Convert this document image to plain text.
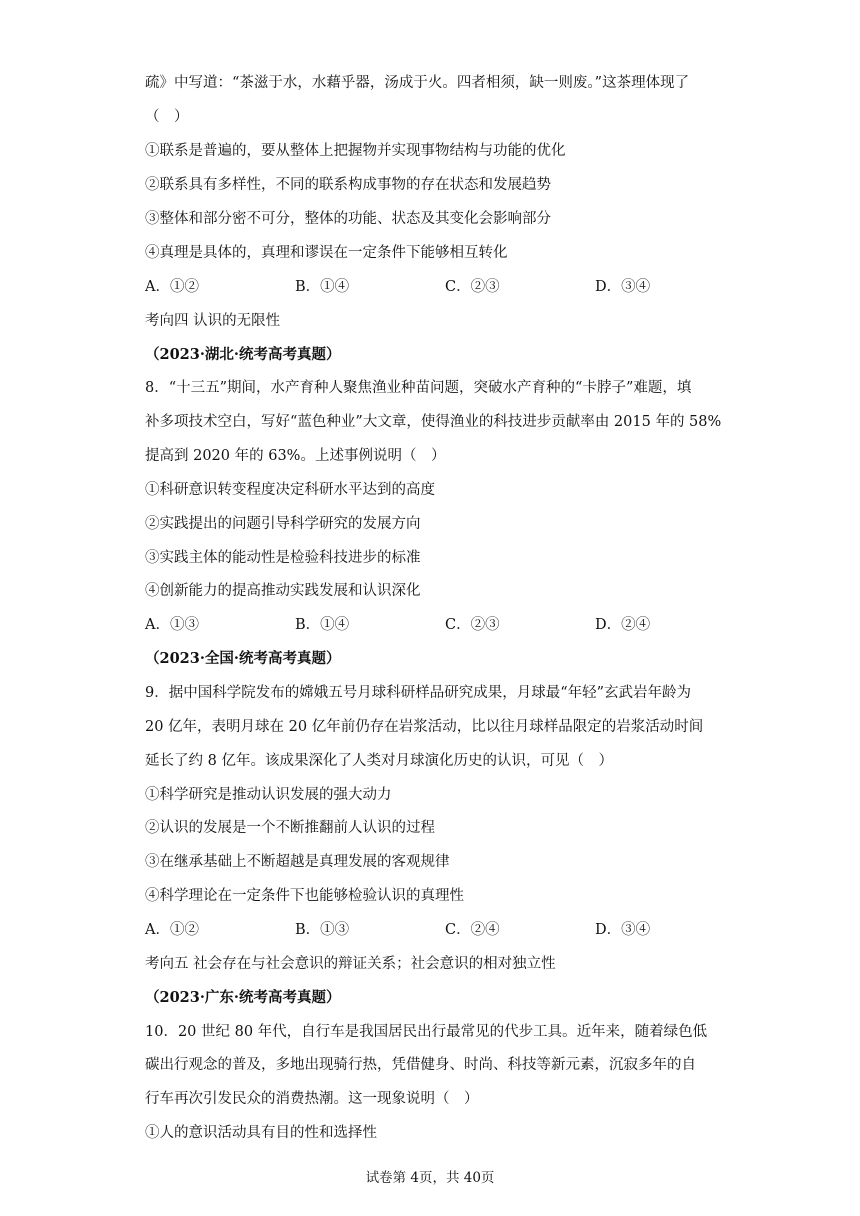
疏》中写道：“茶滋于水，水藉乎器，汤成于火。四者相须，缺一则废。”这茶理体现了
（　）
①联系是普遍的，要从整体上把握物并实现事物结构与功能的优化
②联系具有多样性，不同的联系构成事物的存在状态和发展趋势
③整体和部分密不可分，整体的功能、状态及其变化会影响部分
④真理是具体的，真理和谬误在一定条件下能够相互转化
考向四 认识的无限性
（2023·湖北·统考高考真题）
8．“十三五”期间，水产育种人聚焦渔业种苗问题，突破水产育种的“卡脖子”难题，填
补多项技术空白，写好“蓝色种业”大文章，使得渔业的科技进步贡献率由 2015 年的 58%
提高到 2020 年的 63%。上述事例说明（　）
①科研意识转变程度决定科研水平达到的高度
②实践提出的问题引导科学研究的发展方向
③实践主体的能动性是检验科技进步的标准
④创新能力的提高推动实践发展和认识深化
（2023·全国·统考高考真题）
9．据中国科学院发布的嫦娥五号月球科研样品研究成果，月球最“年轻”玄武岩年龄为
20 亿年，表明月球在 20 亿年前仍存在岩浆活动，比以往月球样品限定的岩浆活动时间
延长了约 8 亿年。该成果深化了人类对月球演化历史的认识，可见（　）
①科学研究是推动认识发展的强大动力
②认识的发展是一个不断推翻前人认识的过程
③在继承基础上不断超越是真理发展的客观规律
④科学理论在一定条件下也能够检验认识的真理性
考向五 社会存在与社会意识的辩证关系；社会意识的相对独立性
（2023·广东·统考高考真题）
10．20 世纪 80 年代，自行车是我国居民出行最常见的代步工具。近年来，随着绿色低
碳出行观念的普及，多地出现骑行热，凭借健身、时尚、科技等新元素，沉寂多年的自
行车再次引发民众的消费热潮。这一现象说明（　）
①人的意识活动具有目的性和选择性
A．①②	B．①④	C．②③	D．③④
A．①③	B．①④	C．②③	D．②④
A．①②	B．①③	C．②④	D．③④
试卷第 4页，共 40页
